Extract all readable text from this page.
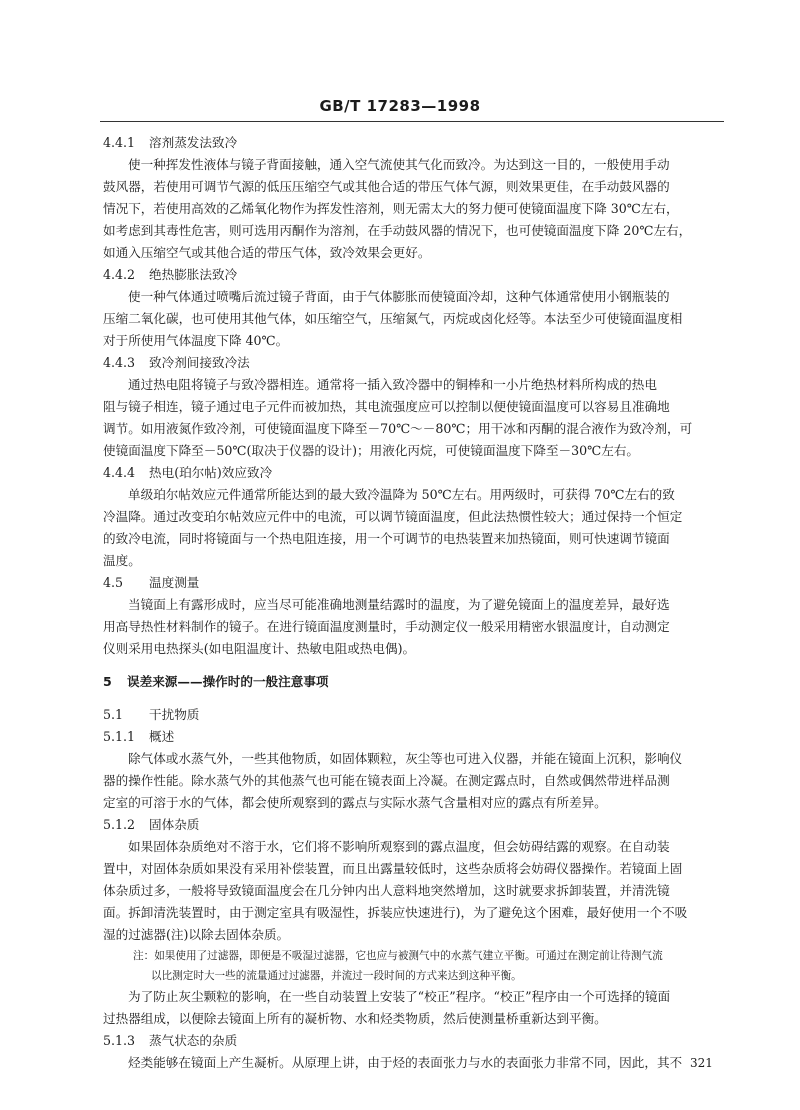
GB/T 17283—1998

4.4.1 溶剂蒸发法致冷

使一种挥发性液体与镜子背面接触，通入空气流使其气化而致冷。为达到这一目的，一般使用手动

鼓风器，若使用可调节气源的低压压缩空气或其他合适的带压气体气源，则效果更佳，在手动鼓风器的

情况下，若使用高效的乙烯氧化物作为挥发性溶剂，则无需太大的努力便可使镜面温度下降 30℃左右，

如考虑到其毒性危害，则可选用丙酮作为溶剂，在手动鼓风器的情况下，也可使镜面温度下降 20℃左右，

如通入压缩空气或其他合适的带压气体，致冷效果会更好。

4.4.2 绝热膨胀法致冷

使一种气体通过喷嘴后流过镜子背面，由于气体膨胀而使镜面冷却，这种气体通常使用小钢瓶装的

压缩二氧化碳，也可使用其他气体，如压缩空气，压缩氮气，丙烷或卤化烃等。本法至少可使镜面温度相

对于所使用气体温度下降 40℃。

4.4.3 致冷剂间接致冷法

通过热电阻将镜子与致冷器相连。通常将一插入致冷器中的铜棒和一小片绝热材料所构成的热电

阻与镜子相连，镜子通过电子元件而被加热，其电流强度应可以控制以便使镜面温度可以容易且准确地

调节。如用液氮作致冷剂，可使镜面温度下降至－70℃～－80℃；用干冰和丙酮的混合液作为致冷剂，可

使镜面温度下降至－50℃(取决于仪器的设计)；用液化丙烷，可使镜面温度下降至－30℃左右。

4.4.4 热电(珀尔帖)效应致冷

单级珀尔帖效应元件通常所能达到的最大致冷温降为 50℃左右。用两级时，可获得 70℃左右的致

冷温降。通过改变珀尔帖效应元件中的电流，可以调节镜面温度，但此法热惯性较大；通过保持一个恒定

的致冷电流，同时将镜面与一个热电阻连接，用一个可调节的电热装置来加热镜面，则可快速调节镜面

温度。

4.5 温度测量

当镜面上有露形成时，应当尽可能准确地测量结露时的温度，为了避免镜面上的温度差异，最好选

用高导热性材料制作的镜子。在进行镜面温度测量时，手动测定仪一般采用精密水银温度计，自动测定

仪则采用电热探头(如电阻温度计、热敏电阻或热电偶)。

5 误差来源——操作时的一般注意事项

5.1 干扰物质

5.1.1 概述

除气体或水蒸气外，一些其他物质，如固体颗粒，灰尘等也可进入仪器，并能在镜面上沉积，影响仪

器的操作性能。除水蒸气外的其他蒸气也可能在镜表面上冷凝。在测定露点时，自然或偶然带进样品测

定室的可溶于水的气体，都会使所观察到的露点与实际水蒸气含量相对应的露点有所差异。

5.1.2 固体杂质

如果固体杂质绝对不溶于水，它们将不影响所观察到的露点温度，但会妨碍结露的观察。在自动装

置中，对固体杂质如果没有采用补偿装置，而且出露量较低时，这些杂质将会妨碍仪器操作。若镜面上固

体杂质过多，一般将导致镜面温度会在几分钟内出人意料地突然增加，这时就要求拆卸装置，并清洗镜

面。拆卸清洗装置时，由于测定室具有吸湿性，拆装应快速进行)，为了避免这个困难，最好使用一个不吸

湿的过滤器(注)以除去固体杂质。

注：如果使用了过滤器，即便是不吸湿过滤器，它也应与被测气中的水蒸气建立平衡。可通过在测定前让待测气流

以比测定时大一些的流量通过过滤器，并流过一段时间的方式来达到这种平衡。

为了防止灰尘颗粒的影响，在一些自动装置上安装了“校正”程序。“校正”程序由一个可选择的镜面

过热器组成，以便除去镜面上所有的凝析物、水和烃类物质，然后使测量桥重新达到平衡。

5.1.3 蒸气状态的杂质

烃类能够在镜面上产生凝析。从原理上讲，由于烃的表面张力与水的表面张力非常不同，因此，其不 321
